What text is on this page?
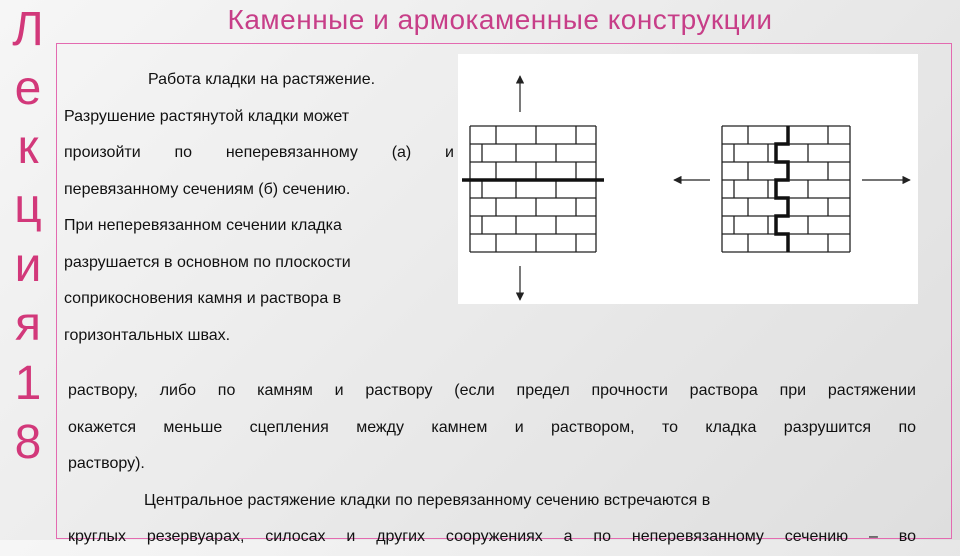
Л
е
к
ц
и
я
1
8
Каменные и армокаменные конструкции

Работа кладки на растяжение.

Разрушение растянутой кладки может

произойти по неперевязанному (а) и

перевязанному сечениям (б) сечению.

При неперевязанном сечении кладка

разрушается в основном по плоскости

соприкосновения камня и раствора в

горизонтальных швах.

раствору, либо по камням и раствору (если предел прочности раствора при растяжении

окажется меньше сцепления между камнем и раствором, то кладка разрушится по

раствору).

Центральное растяжение кладки по перевязанному сечению встречаются в

круглых резервуарах, силосах и других сооружениях а по неперевязанному сечению – во
